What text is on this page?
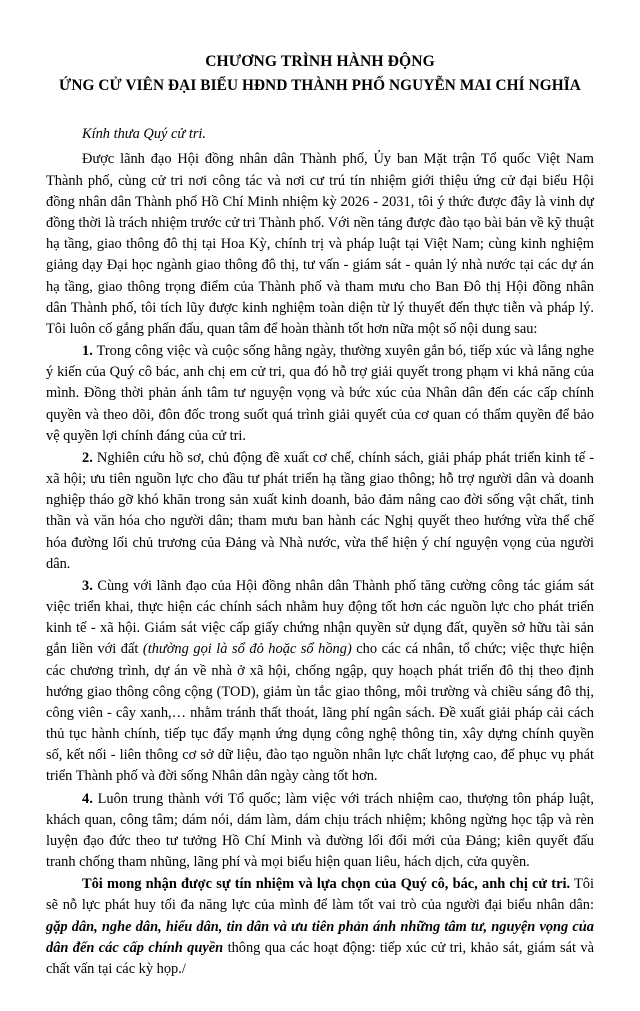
CHƯƠNG TRÌNH HÀNH ĐỘNG
ỨNG CỬ VIÊN ĐẠI BIỂU HĐND THÀNH PHỐ NGUYỄN MAI CHÍ NGHĨA
Kính thưa Quý cử tri.

Được lãnh đạo Hội đồng nhân dân Thành phố, Ủy ban Mặt trận Tổ quốc Việt Nam Thành phố, cùng cử tri nơi công tác và nơi cư trú tín nhiệm giới thiệu ứng cử đại biểu Hội đồng nhân dân Thành phố Hồ Chí Minh nhiệm kỳ 2026 - 2031, tôi ý thức được đây là vinh dự đồng thời là trách nhiệm trước cử tri Thành phố. Với nền tảng được đào tạo bài bản về kỹ thuật hạ tầng, giao thông đô thị tại Hoa Kỳ, chính trị và pháp luật tại Việt Nam; cùng kinh nghiệm giảng dạy Đại học ngành giao thông đô thị, tư vấn - giám sát - quản lý nhà nước tại các dự án hạ tầng, giao thông trọng điểm của Thành phố và tham mưu cho Ban Đô thị Hội đồng nhân dân Thành phố, tôi tích lũy được kinh nghiệm toàn diện từ lý thuyết đến thực tiễn và pháp lý. Tôi luôn cố gắng phấn đấu, quan tâm để hoàn thành tốt hơn nữa một số nội dung sau:

1. Trong công việc và cuộc sống hằng ngày, thường xuyên gắn bó, tiếp xúc và lắng nghe ý kiến của Quý cô bác, anh chị em cử tri, qua đó hỗ trợ giải quyết trong phạm vi khả năng của mình. Đồng thời phản ánh tâm tư nguyện vọng và bức xúc của Nhân dân đến các cấp chính quyền và theo dõi, đôn đốc trong suốt quá trình giải quyết của cơ quan có thẩm quyền để bảo vệ quyền lợi chính đáng của cử tri.

2. Nghiên cứu hồ sơ, chủ động đề xuất cơ chế, chính sách, giải pháp phát triển kinh tế - xã hội; ưu tiên nguồn lực cho đầu tư phát triển hạ tầng giao thông; hỗ trợ người dân và doanh nghiệp tháo gỡ khó khăn trong sản xuất kinh doanh, bảo đảm nâng cao đời sống vật chất, tinh thần và văn hóa cho người dân; tham mưu ban hành các Nghị quyết theo hướng vừa thể chế hóa đường lối chủ trương của Đảng và Nhà nước, vừa thể hiện ý chí nguyện vọng của người dân.

3. Cùng với lãnh đạo của Hội đồng nhân dân Thành phố tăng cường công tác giám sát việc triển khai, thực hiện các chính sách nhằm huy động tốt hơn các nguồn lực cho phát triển kinh tế - xã hội. Giám sát việc cấp giấy chứng nhận quyền sử dụng đất, quyền sở hữu tài sản gắn liền với đất (thường gọi là sổ đỏ hoặc sổ hồng) cho các cá nhân, tổ chức; việc thực hiện các chương trình, dự án về nhà ở xã hội, chống ngập, quy hoạch phát triển đô thị theo định hướng giao thông công cộng (TOD), giảm ùn tắc giao thông, môi trường và chiều sáng đô thị, công viên - cây xanh,… nhằm tránh thất thoát, lãng phí ngân sách. Đề xuất giải pháp cải cách thủ tục hành chính, tiếp tục đẩy mạnh ứng dụng công nghệ thông tin, xây dựng chính quyền số, kết nối - liên thông cơ sở dữ liệu, đào tạo nguồn nhân lực chất lượng cao, để phục vụ phát triển Thành phố và đời sống Nhân dân ngày càng tốt hơn.

4. Luôn trung thành với Tổ quốc; làm việc với trách nhiệm cao, thượng tôn pháp luật, khách quan, công tâm; dám nói, dám làm, dám chịu trách nhiệm; không ngừng học tập và rèn luyện đạo đức theo tư tưởng Hồ Chí Minh và đường lối đổi mới của Đảng; kiên quyết đấu tranh chống tham nhũng, lãng phí và mọi biểu hiện quan liêu, hách dịch, cửa quyền.

Tôi mong nhận được sự tín nhiệm và lựa chọn của Quý cô, bác, anh chị cử tri. Tôi sẽ nỗ lực phát huy tối đa năng lực của mình để làm tốt vai trò của người đại biểu nhân dân: gặp dân, nghe dân, hiểu dân, tin dân và ưu tiên phản ánh những tâm tư, nguyện vọng của dân đến các cấp chính quyền thông qua các hoạt động: tiếp xúc cử tri, khảo sát, giám sát và chất vấn tại các kỳ họp./
